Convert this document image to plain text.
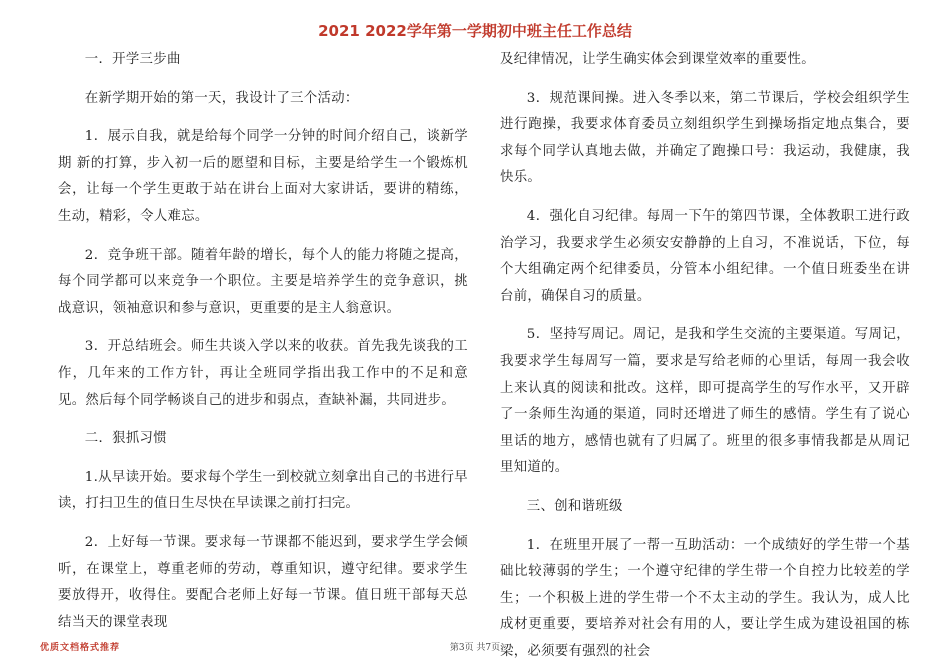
2021 2022学年第一学期初中班主任工作总结

一．开学三步曲

在新学期开始的第一天，我设计了三个活动：

1．展示自我，就是给每个同学一分钟的时间介绍自己，谈新学期 新的打算，步入初一后的愿望和目标，主要是给学生一个锻炼机会，让每一个学生更敢于站在讲台上面对大家讲话，要讲的精练，生动，精彩，令人难忘。

2．竞争班干部。随着年龄的增长，每个人的能力将随之提高，每个同学都可以来竞争一个职位。主要是培养学生的竞争意识，挑战意识，领袖意识和参与意识，更重要的是主人翁意识。

3．开总结班会。师生共谈入学以来的收获。首先我先谈我的工作，几年来的工作方针，再让全班同学指出我工作中的不足和意见。然后每个同学畅谈自己的进步和弱点，查缺补漏，共同进步。

二．狠抓习惯

1.从早读开始。要求每个学生一到校就立刻拿出自己的书进行早读，打扫卫生的值日生尽快在早读课之前打扫完。

2．上好每一节课。要求每一节课都不能迟到，要求学生学会倾听，在课堂上，尊重老师的劳动，尊重知识，遵守纪律。要求学生要放得开，收得住。要配合老师上好每一节课。值日班干部每天总结当天的课堂表现

及纪律情况，让学生确实体会到课堂效率的重要性。

3．规范课间操。进入冬季以来，第二节课后，学校会组织学生进行跑操，我要求体育委员立刻组织学生到操场指定地点集合，要求每个同学认真地去做，并确定了跑操口号：我运动，我健康，我快乐。

4．强化自习纪律。每周一下午的第四节课，全体教职工进行政治学习，我要求学生必须安安静静的上自习，不准说话，下位，每个大组确定两个纪律委员，分管本小组纪律。一个值日班委坐在讲台前，确保自习的质量。

5．坚持写周记。周记，是我和学生交流的主要渠道。写周记，我要求学生每周写一篇，要求是写给老师的心里话，每周一我会收上来认真的阅读和批改。这样，即可提高学生的写作水平，又开辟了一条师生沟通的渠道，同时还增进了师生的感情。学生有了说心里话的地方，感情也就有了归属了。班里的很多事情我都是从周记里知道的。

三、创和谐班级

1．在班里开展了一帮一互助活动：一个成绩好的学生带一个基础比较薄弱的学生；一个遵守纪律的学生带一个自控力比较差的学生；一个积极上进的学生带一个不太主动的学生。我认为，成人比成材更重要，要培养对社会有用的人，要让学生成为建设祖国的栋梁，必须要有强烈的社会

优质文档格式推荐	第3页 共7页
